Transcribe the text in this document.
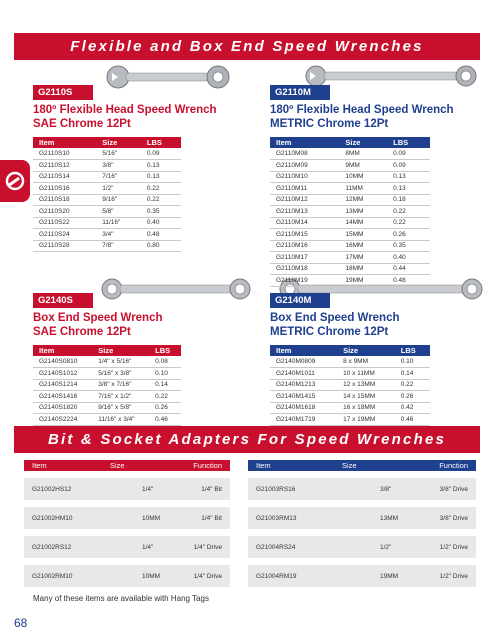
Flexible and Box End Speed Wrenches
G2110S
180º Flexible Head Speed Wrench
SAE Chrome 12Pt
Item	Size	LBS
G2110S10	5/16"	0.09
G2110S12	3/8"	0.13
G2110S14	7/16"	0.13
G2110S16	1/2"	0.22
G2110S18	9/16"	0.22
G2110S20	5/8"	0.35
G2110S22	11/16"	0.40
G2110S24	3/4"	0.48
G2110S28	7/8"	0.80
G2110M
180º Flexible Head Speed Wrench
METRIC Chrome 12Pt
Item	Size	LBS
G2110M08	8MM	0.09
G2110M09	9MM	0.09
G2110M10	10MM	0.13
G2110M11	11MM	0.13
G2110M12	12MM	0.18
G2110M13	13MM	0.22
G2110M14	14MM	0.22
G2110M15	15MM	0.26
G2110M16	16MM	0.35
G2110M17	17MM	0.40
G2110M18	18MM	0.44
G2110M19	19MM	0.48
G2140S
Box End Speed Wrench
SAE Chrome 12Pt
Item	Size	LBS
G2140S0810	1/4" x 5/16"	0.08
G2140S1012	5/16" x 3/8"	0.10
G2140S1214	3/8" x 7/16"	0.14
G2140S1416	7/16" x 1/2"	0.22
G2140S1820	9/16" x 5/8"	0.26
G2140S2224	11/16" x 3/4"	0.46
G2140M
Box End Speed Wrench
METRIC Chrome 12Pt
Item	Size	LBS
G2140M0809	8 x 9MM	0.10
G2140M1011	10 x 11MM	0.14
G2140M1213	12 x 13MM	0.22
G2140M1415	14 x 15MM	0.26
G2140M1618	16 x 18MM	0.42
G2140M1719	17 x 19MM	0.46
Bit & Socket Adapters For Speed Wrenches
Item	Size	Function	Item	Size	Function
G21002HS12	1/4"	1/4" Bit
G21002HM10	10MM	1/4" Bit
G21002RS12	1/4"	1/4" Drive
G21002RM10	10MM	1/4" Drive
G21003RS16	3/8"	3/8" Drive
G21003RM13	13MM	3/8" Drive
G21004RS24	1/2"	1/2" Drive
G21004RM19	19MM	1/2" Drive
Many of these items are available with Hang Tags
68
